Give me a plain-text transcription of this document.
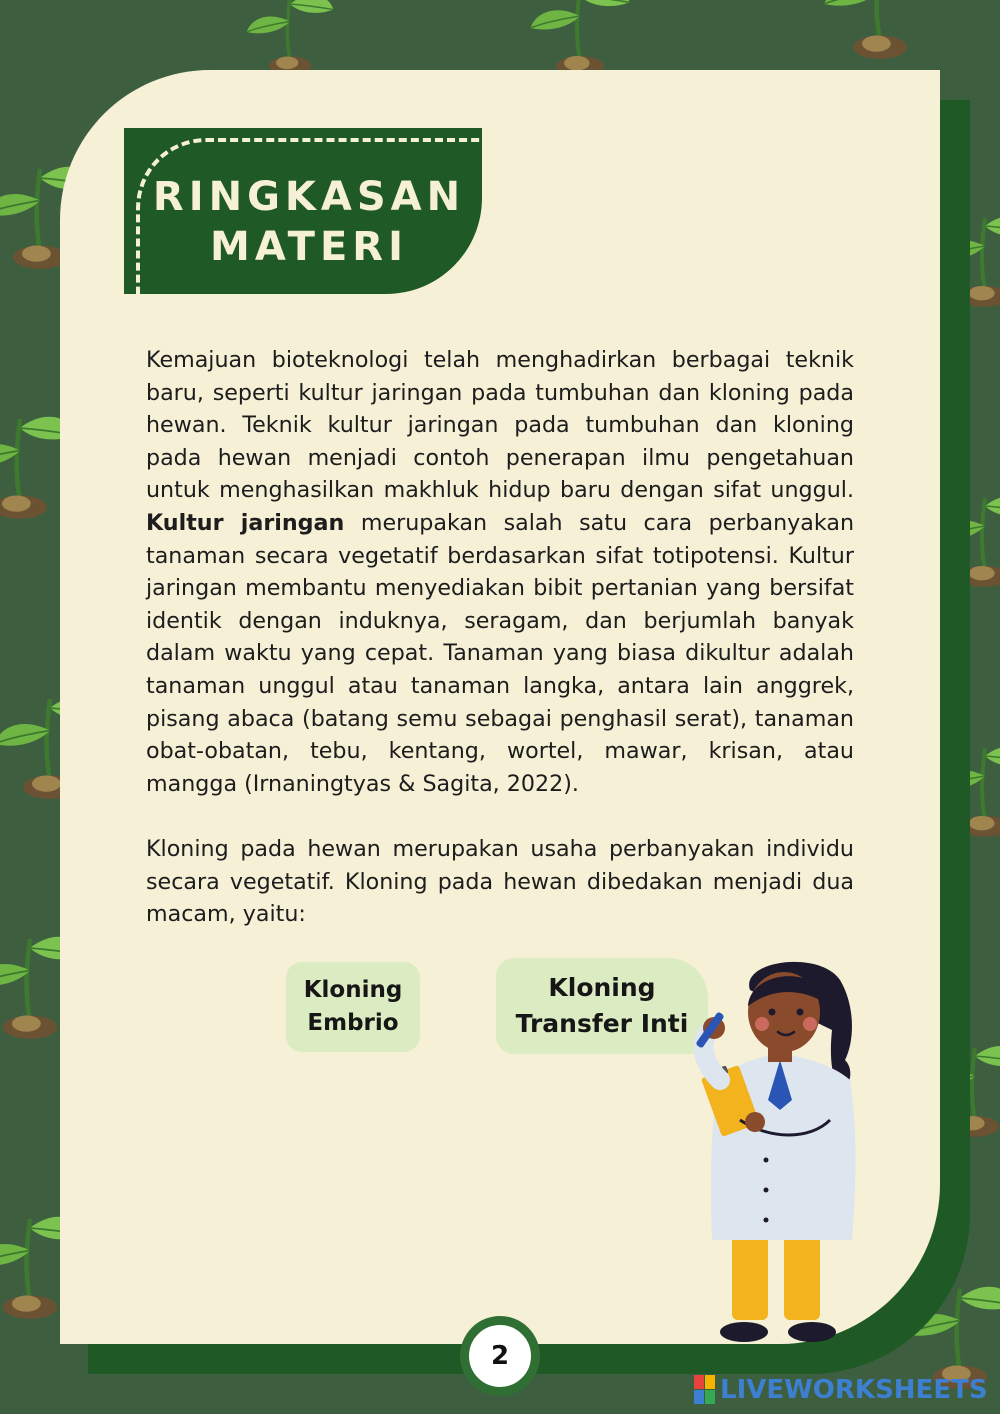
RINGKASAN
MATERI

Kemajuan bioteknologi telah menghadirkan berbagai teknik baru, seperti kultur jaringan pada tumbuhan dan kloning pada hewan. Teknik kultur jaringan pada tumbuhan dan kloning pada hewan menjadi contoh penerapan ilmu pengetahuan untuk menghasilkan makhluk hidup baru dengan sifat unggul. Kultur jaringan merupakan salah satu cara perbanyakan tanaman secara vegetatif berdasarkan sifat totipotensi. Kultur jaringan membantu menyediakan bibit pertanian yang bersifat identik dengan induknya, seragam, dan berjumlah banyak dalam waktu yang cepat. Tanaman yang biasa dikultur adalah tanaman unggul atau tanaman langka, antara lain anggrek, pisang abaca (batang semu sebagai penghasil serat), tanaman obat-obatan, tebu, kentang, wortel, mawar, krisan, atau mangga (Irnaningtyas & Sagita, 2022).

Kloning pada hewan merupakan usaha perbanyakan individu secara vegetatif. Kloning pada hewan dibedakan menjadi dua macam, yaitu:

Kloning
Embrio
Kloning
Transfer Inti
2
LIVEWORKSHEETS
